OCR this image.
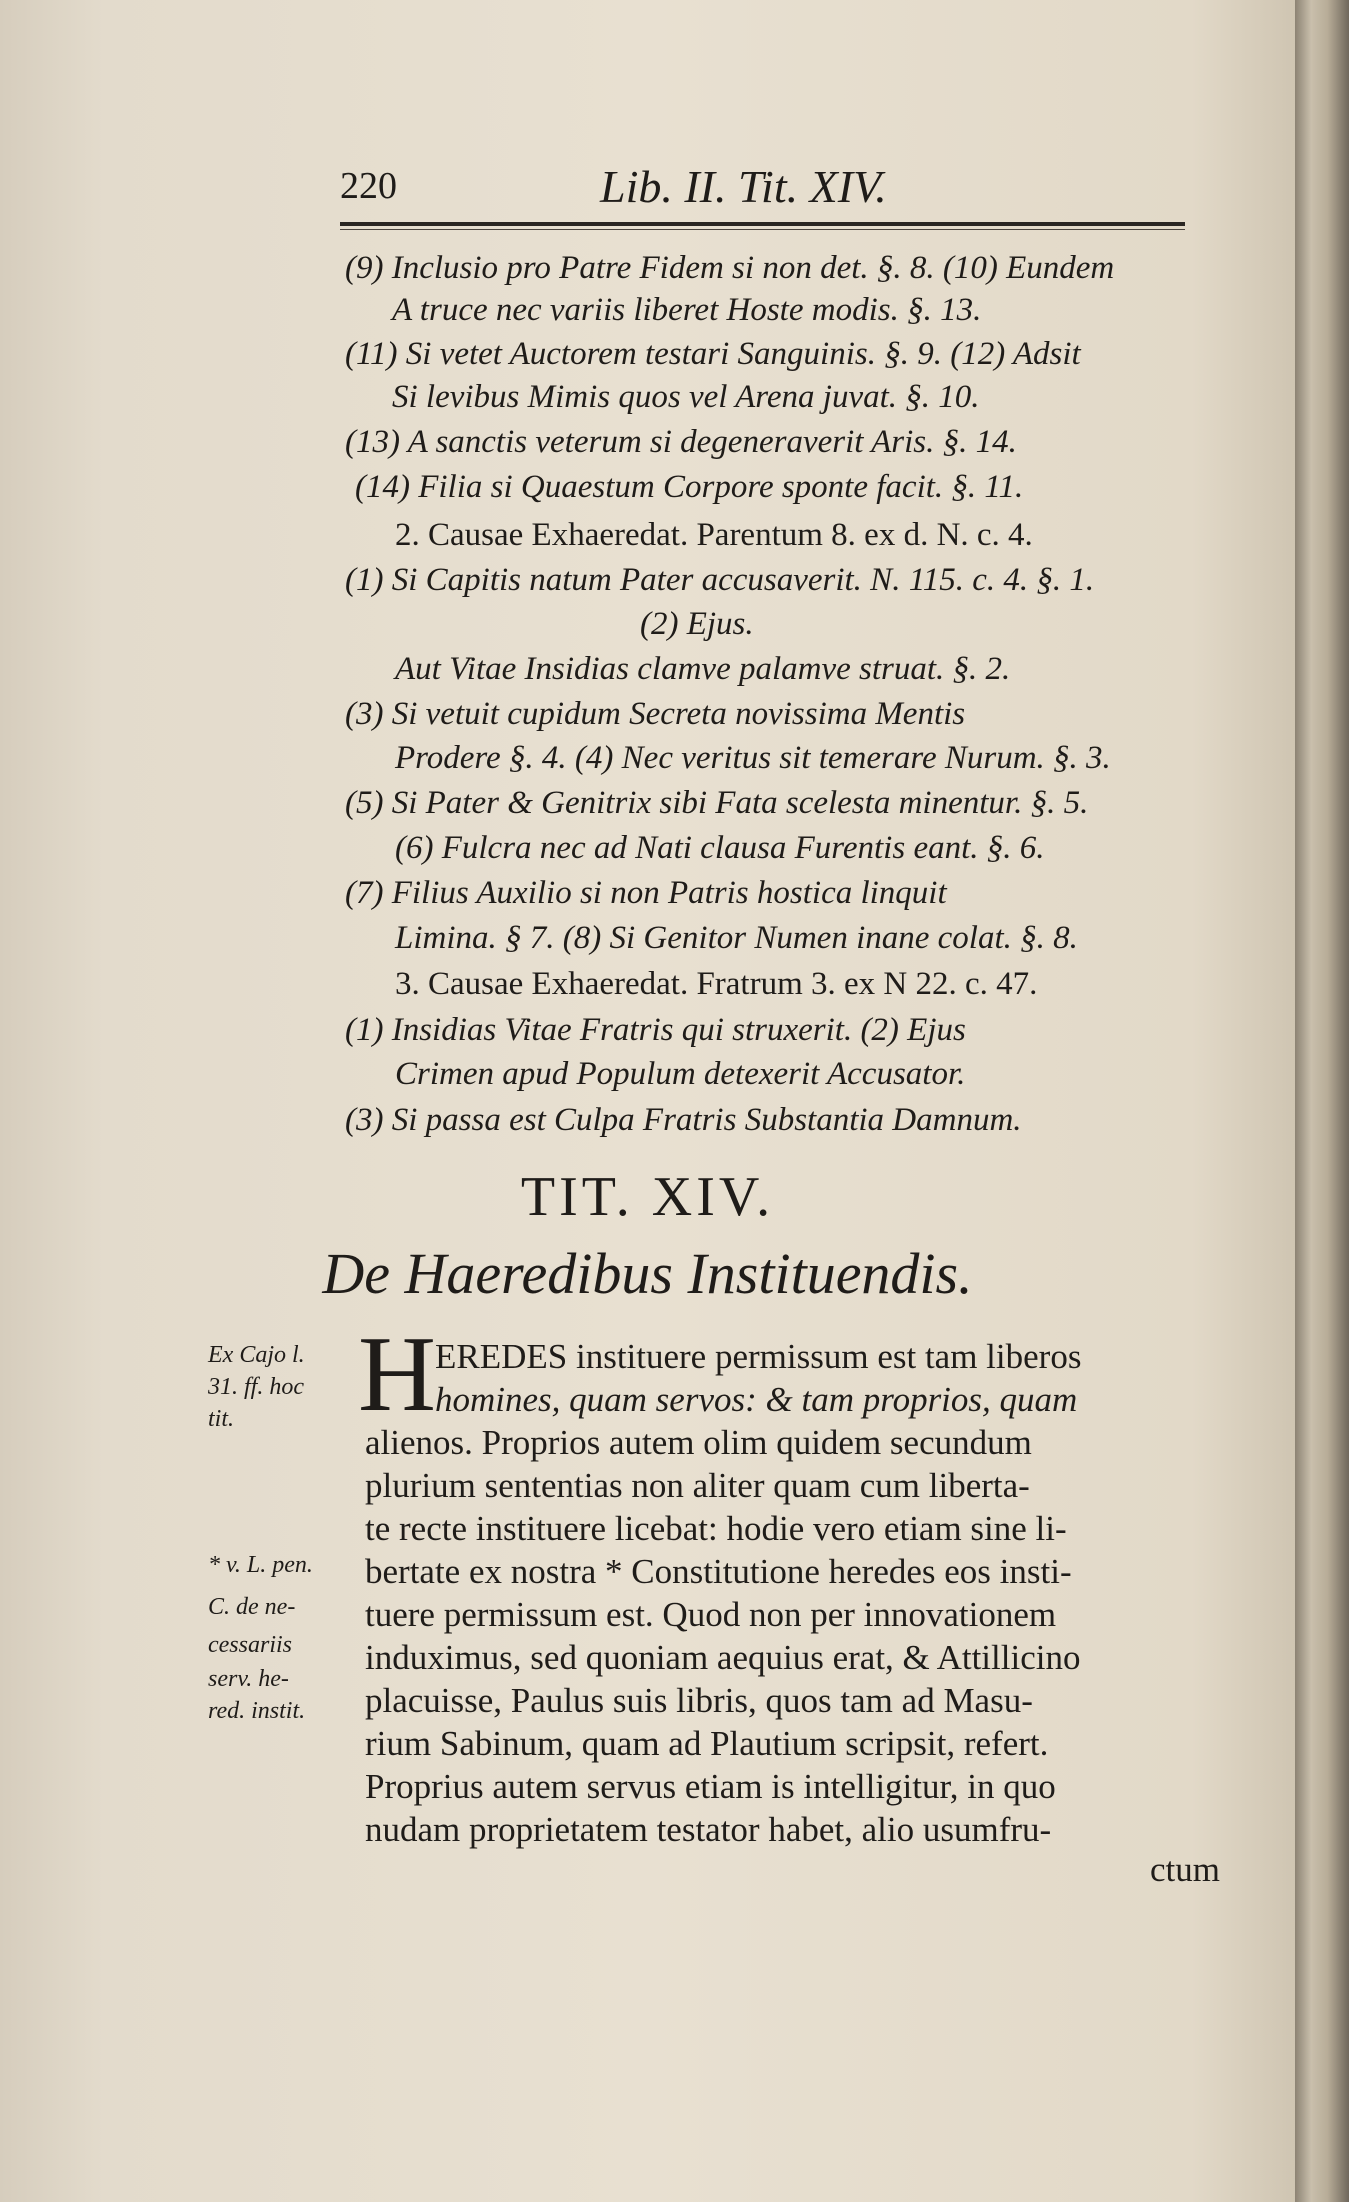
220	Lib. II. Tit. XIV.
(9) Inclusio pro Patre Fidem si non det. §. 8. (10) Eundem
A truce nec variis liberet Hoste modis. §. 13.
(11) Si vetet Auctorem testari Sanguinis. §. 9. (12) Adsit
Si levibus Mimis quos vel Arena juvat. §. 10.
(13) A sanctis veterum si degeneraverit Aris. §. 14.
(14) Filia si Quaestum Corpore sponte facit. §. 11.
2. Causae Exhaeredat. Parentum 8. ex d. N. c. 4.
(1) Si Capitis natum Pater accusaverit. N. 115. c. 4. §. 1.
(2) Ejus.
Aut Vitae Insidias clamve palamve struat. §. 2.
(3) Si vetuit cupidum Secreta novissima Mentis
Prodere §. 4. (4) Nec veritus sit temerare Nurum. §. 3.
(5) Si Pater & Genitrix sibi Fata scelesta minentur. §. 5.
(6) Fulcra nec ad Nati clausa Furentis eant. §. 6.
(7) Filius Auxilio si non Patris hostica linquit
Limina. § 7. (8) Si Genitor Numen inane colat. §. 8.
3. Causae Exhaeredat. Fratrum 3. ex N 22. c. 47.
(1) Insidias Vitae Fratris qui struxerit. (2) Ejus
Crimen apud Populum detexerit Accusator.
(3) Si passa est Culpa Fratris Substantia Damnum.
TIT. XIV.
De Haeredibus Instituendis.
Ex Cajo l.
31. ff. hoc
tit.
* v. L. pen.
C. de ne-
cessariis
serv. he-
red. instit.
H EREDES instituere permissum est tam liberos
homines, quam servos: & tam proprios, quam
alienos. Proprios autem olim quidem secundum
plurium sententias non aliter quam cum liberta-
te recte instituere licebat: hodie vero etiam sine li-
bertate ex nostra * Constitutione heredes eos insti-
tuere permissum est. Quod non per innovationem
induximus, sed quoniam aequius erat, & Attillicino
placuisse, Paulus suis libris, quos tam ad Masu-
rium Sabinum, quam ad Plautium scripsit, refert.
Proprius autem servus etiam is intelligitur, in quo
nudam proprietatem testator habet, alio usumfru-
ctum
